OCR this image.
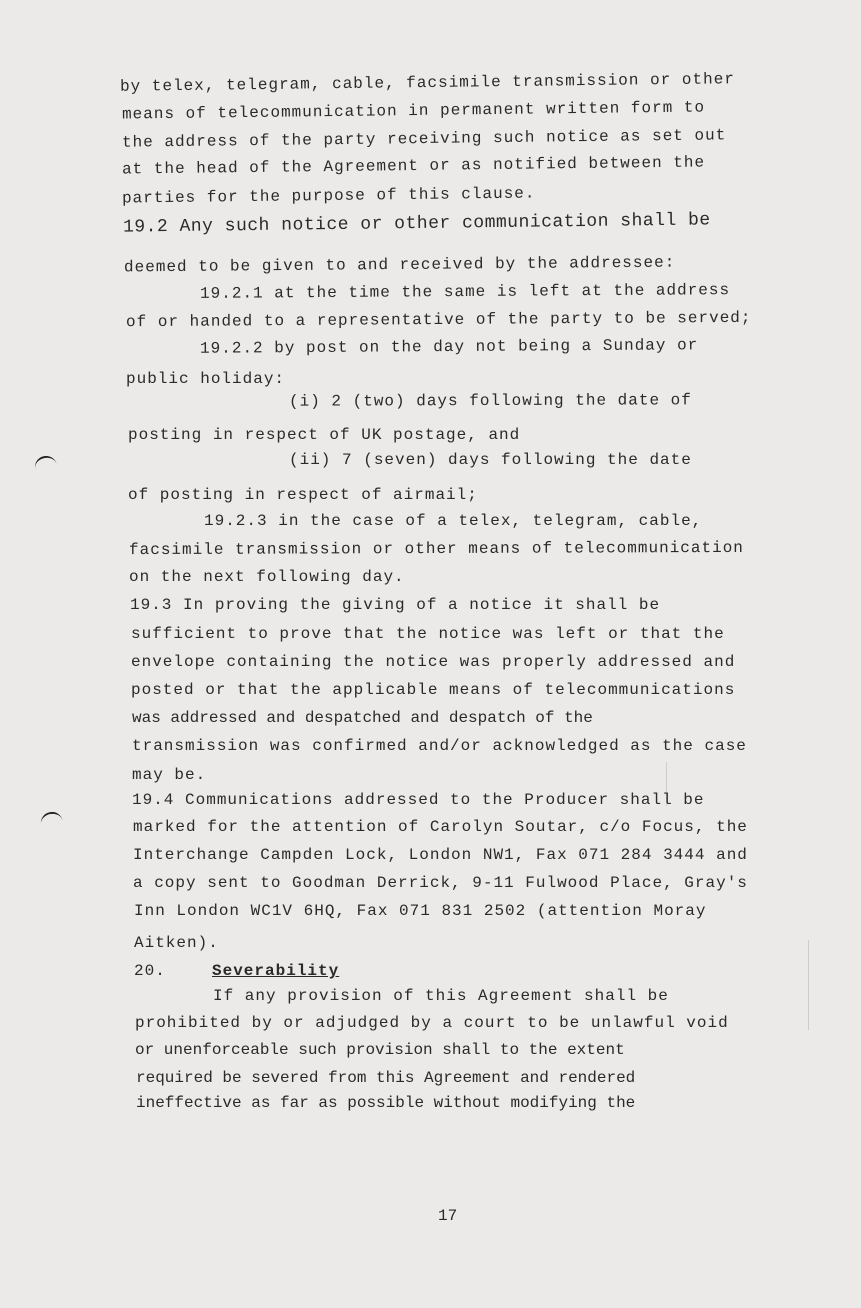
by telex, telegram, cable, facsimile transmission or other
means of telecommunication in permanent written form to
the address of the party receiving such notice as set out
at the head of the Agreement or as notified between the
parties for the purpose of this clause.
19.2 Any such notice or other communication shall be
deemed to be given to and received by the addressee:
19.2.1 at the time the same is left at the address
of or handed to a representative of the party to be served;
19.2.2 by post on the day not being a Sunday or
public holiday:
(i) 2 (two) days following the date of
posting in respect of UK postage, and
(ii) 7 (seven) days following the date
of posting in respect of airmail;
19.2.3 in the case of a telex, telegram, cable,
facsimile transmission or other means of telecommunication
on the next following day.
19.3 In proving the giving of a notice it shall be
sufficient to prove that the notice was left or that the
envelope containing the notice was properly addressed and
posted or that the applicable means of telecommunications
was addressed and despatched and despatch of the
transmission was confirmed and/or acknowledged as the case
may be.
19.4 Communications addressed to the Producer shall be
marked for the attention of Carolyn Soutar, c/o Focus, the
Interchange Campden Lock, London NW1, Fax 071 284 3444 and
a copy sent to Goodman Derrick, 9-11 Fulwood Place, Gray's
Inn London WC1V 6HQ, Fax 071 831 2502 (attention Moray
Aitken).
20.	Severability
If any provision of this Agreement shall be
prohibited by or adjudged by a court to be unlawful void
or unenforceable such provision shall to the extent
required be severed from this Agreement and rendered
ineffective as far as possible without modifying the
17
